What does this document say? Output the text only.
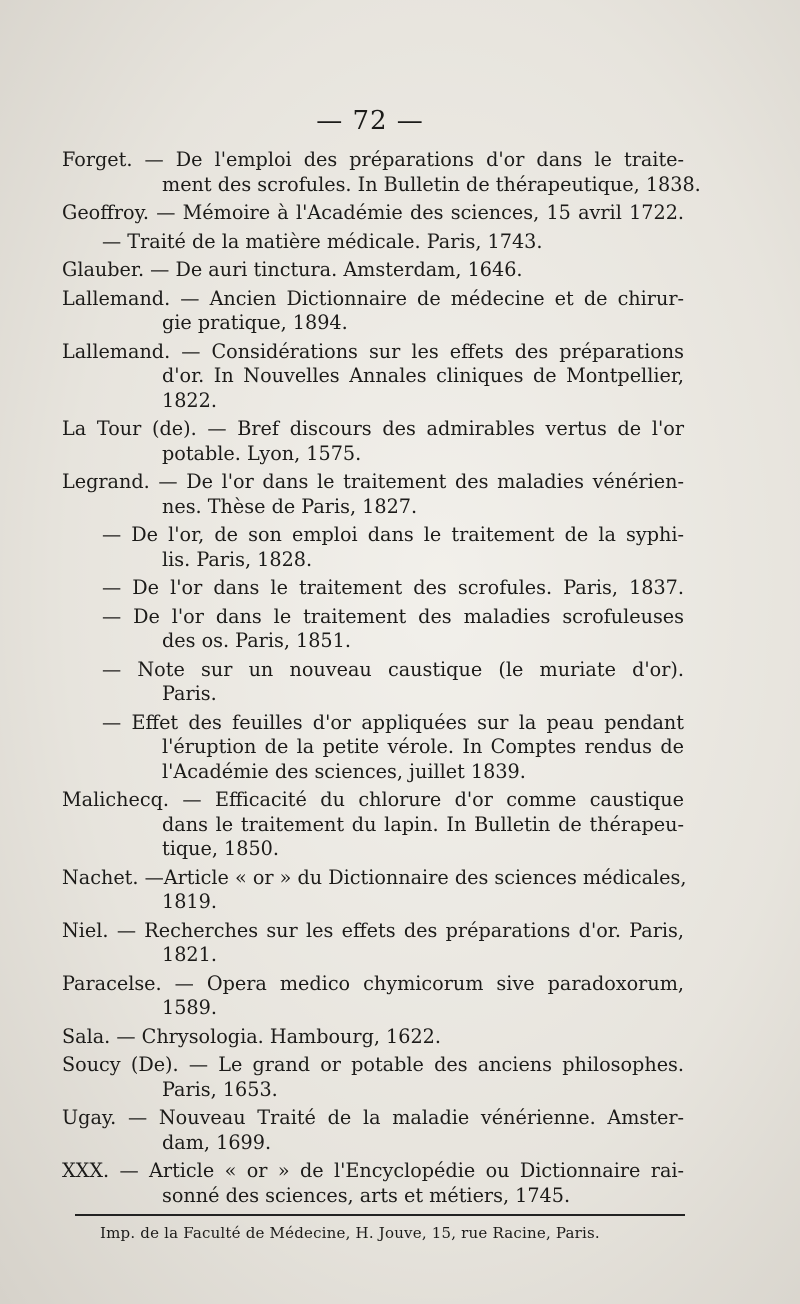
— 72 —
Forget. — De l'emploi des préparations d'or dans le traite-
ment des scrofules. In Bulletin de thérapeutique, 1838.
Geoffroy. — Mémoire à l'Académie des sciences, 15 avril 1722.
— Traité de la matière médicale. Paris, 1743.
Glauber. — De auri tinctura. Amsterdam, 1646.
Lallemand. — Ancien Dictionnaire de médecine et de chirur-
gie pratique, 1894.
Lallemand. — Considérations sur les effets des préparations
d'or. In Nouvelles Annales cliniques de Montpellier,
1822.
La Tour (de). — Bref discours des admirables vertus de l'or
potable. Lyon, 1575.
Legrand. — De l'or dans le traitement des maladies vénérien-
nes. Thèse de Paris, 1827.
— De l'or, de son emploi dans le traitement de la syphi-
lis. Paris, 1828.
— De l'or dans le traitement des scrofules. Paris, 1837.
— De l'or dans le traitement des maladies scrofuleuses
des os. Paris, 1851.
— Note sur un nouveau caustique (le muriate d'or).
Paris.
— Effet des feuilles d'or appliquées sur la peau pendant
l'éruption de la petite vérole. In Comptes rendus de
l'Académie des sciences, juillet 1839.
Malichecq. — Efficacité du chlorure d'or comme caustique
dans le traitement du lapin. In Bulletin de thérapeu-
tique, 1850.
Nachet. —Article « or » du Dictionnaire des sciences médicales,
1819.
Niel. — Recherches sur les effets des préparations d'or. Paris,
1821.
Paracelse. — Opera medico chymicorum sive paradoxorum,
1589.
Sala. — Chrysologia. Hambourg, 1622.
Soucy (De). — Le grand or potable des anciens philosophes.
Paris, 1653.
Ugay. — Nouveau Traité de la maladie vénérienne. Amster-
dam, 1699.
XXX. — Article « or » de l'Encyclopédie ou Dictionnaire rai-
sonné des sciences, arts et métiers, 1745.
Imp. de la Faculté de Médecine, H. Jouve, 15, rue Racine, Paris.
